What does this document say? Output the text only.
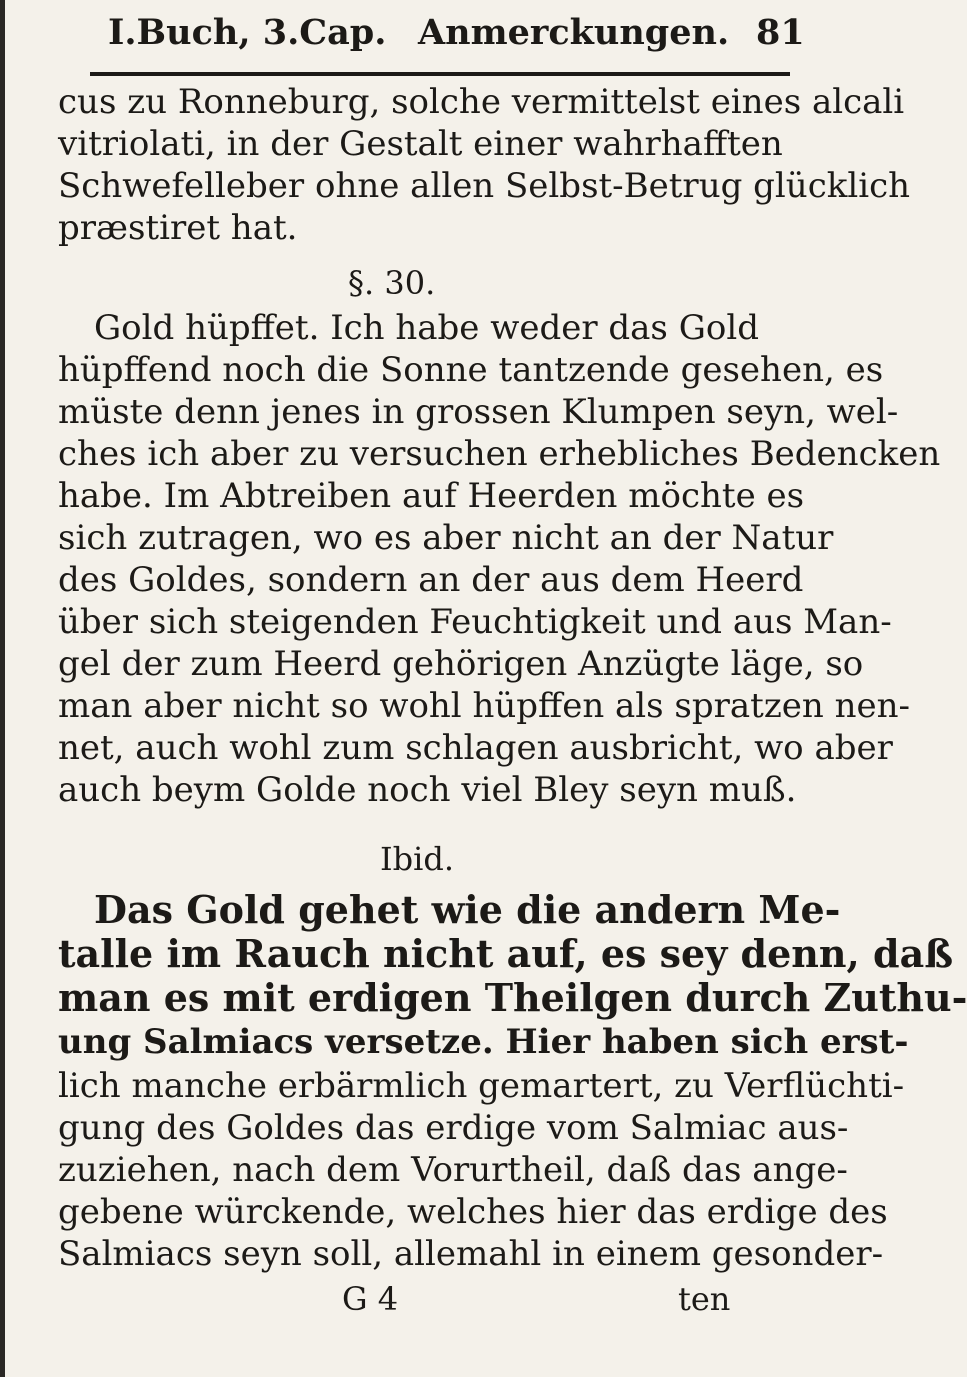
I.Buch, 3.Cap. Anmerckungen. 81
cus zu Ronneburg, solche vermittelst eines alcali
vitriolati, in der Gestalt einer wahrhafften
Schwefelleber ohne allen Selbst-Betrug glücklich
præstiret hat.
§. 30.
Gold hüpffet. Ich habe weder das Gold
hüpffend noch die Sonne tantzende gesehen, es
müste denn jenes in grossen Klumpen seyn, wel-
ches ich aber zu versuchen erhebliches Bedencken
habe. Im Abtreiben auf Heerden möchte es
sich zutragen, wo es aber nicht an der Natur
des Goldes, sondern an der aus dem Heerd
über sich steigenden Feuchtigkeit und aus Man-
gel der zum Heerd gehörigen Anzügte läge, so
man aber nicht so wohl hüpffen als spratzen nen-
net, auch wohl zum schlagen ausbricht, wo aber
auch beym Golde noch viel Bley seyn muß.
Ibid.
Das Gold gehet wie die andern Me-
talle im Rauch nicht auf, es sey denn, daß
man es mit erdigen Theilgen durch Zuthu-
ung Salmiacs versetze. Hier haben sich erst-
lich manche erbärmlich gemartert, zu Verflüchti-
gung des Goldes das erdige vom Salmiac aus-
zuziehen, nach dem Vorurtheil, daß das ange-
gebene würckende, welches hier das erdige des
Salmiacs seyn soll, allemahl in einem gesonder-
G 4	ten
